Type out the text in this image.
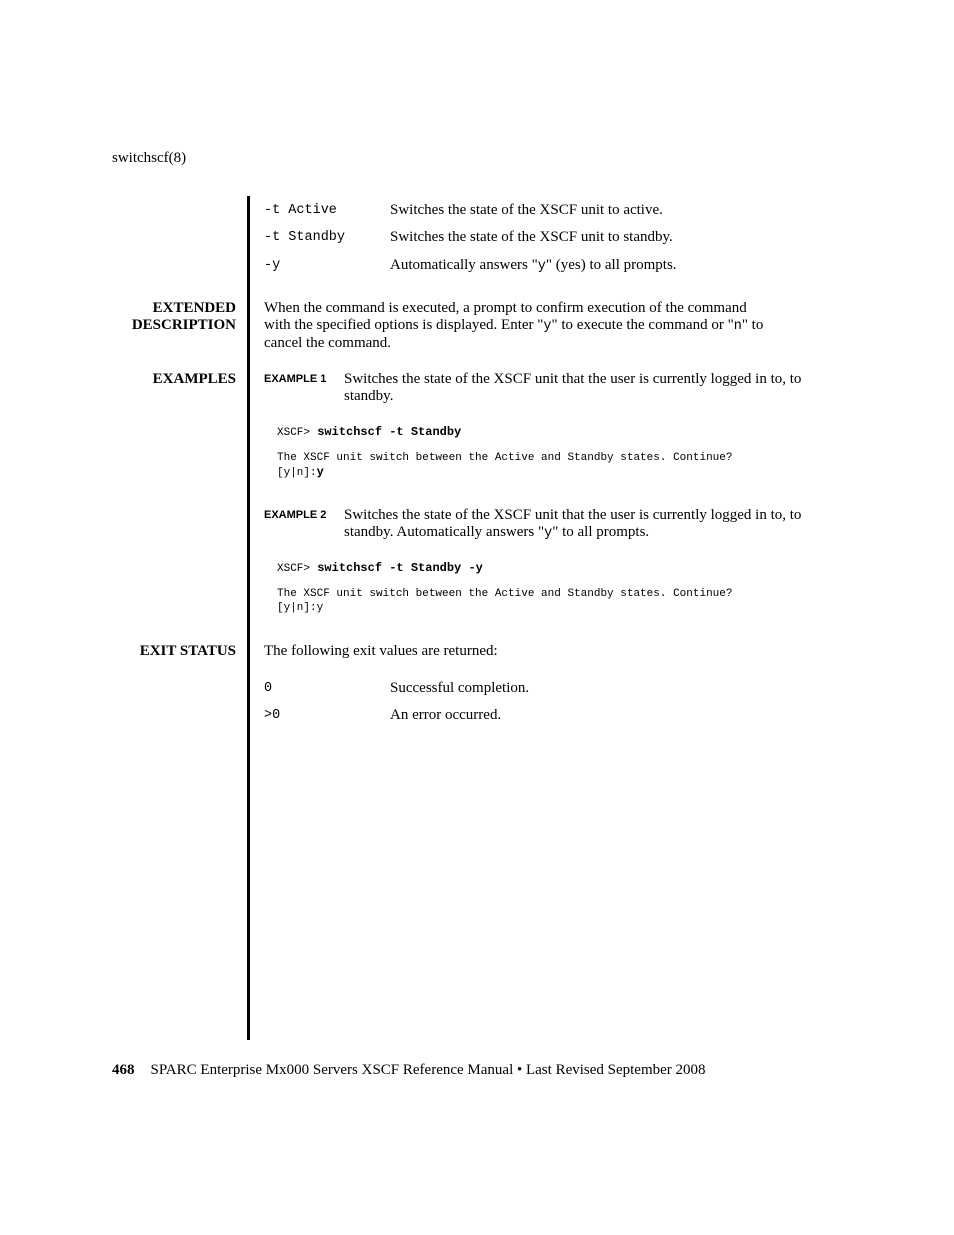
switchscf(8)
-t Active	Switches the state of the XSCF unit to active.
-t Standby	Switches the state of the XSCF unit to standby.
-y	Automatically answers "y" (yes) to all prompts.
EXTENDED
DESCRIPTION
When the command is executed, a prompt to confirm execution of the command
with the specified options is displayed. Enter "y" to execute the command or "n" to
cancel the command.
EXAMPLES	EXAMPLE 1 Switches the state of the XSCF unit that the user is currently logged in to, to
standby.
XSCF> switchscf -t Standby
The XSCF unit switch between the Active and Standby states. Continue?
[y|n]:y
EXAMPLE 2 Switches the state of the XSCF unit that the user is currently logged in to, to
standby. Automatically answers "y" to all prompts.
XSCF> switchscf -t Standby -y
The XSCF unit switch between the Active and Standby states. Continue?
[y|n]:y
EXIT STATUS The following exit values are returned:
0	Successful completion.
>0	An error occurred.
468 SPARC Enterprise Mx000 Servers XSCF Reference Manual • Last Revised September 2008
